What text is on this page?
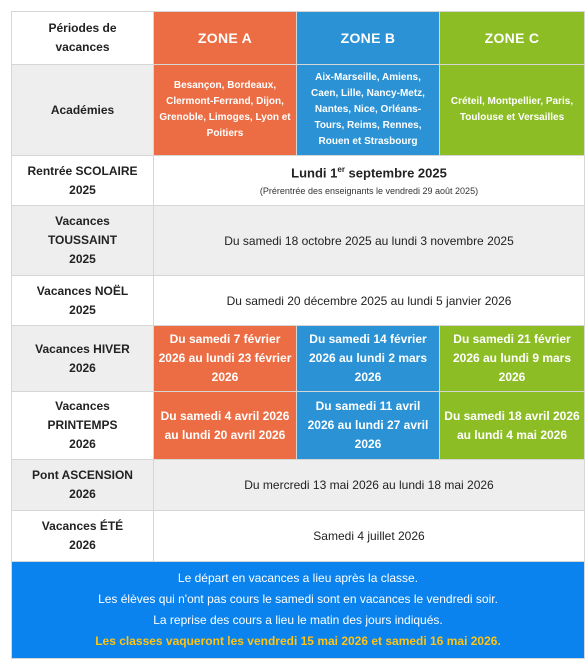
Périodes de vacances	ZONE A	ZONE B	ZONE C
Académies	Besançon, Bordeaux, Clermont-Ferrand, Dijon, Grenoble, Limoges, Lyon et Poitiers	Aix-Marseille, Amiens, Caen, Lille, Nancy-Metz, Nantes, Nice, Orléans-Tours, Reims, Rennes, Rouen et Strasbourg	Créteil, Montpellier, Paris, Toulouse et Versailles
Rentrée SCOLAIRE 2025	Lundi 1er septembre 2025
(Prérentrée des enseignants le vendredi 29 août 2025)		

Vacances TOUSSAINT 2025	Du samedi 18 octobre 2025 au lundi 3 novembre 2025		
Vacances NOËL 2025	Du samedi 20 décembre 2025 au lundi 5 janvier 2026		
Vacances HIVER 2026	Du samedi 7 février 2026 au lundi 23 février 2026	Du samedi 14 février 2026 au lundi 2 mars 2026	Du samedi 21 février 2026 au lundi 9 mars 2026
Vacances PRINTEMPS 2026	Du samedi 4 avril 2026 au lundi 20 avril 2026	Du samedi 11 avril 2026 au lundi 27 avril 2026	Du samedi 18 avril 2026 au lundi 4 mai 2026
Pont ASCENSION 2026	Du mercredi 13 mai 2026 au lundi 18 mai 2026		
Vacances ÉTÉ 2026	Samedi 4 juillet 2026		

Le départ en vacances a lieu après la classe.
Les élèves qui n'ont pas cours le samedi sont en vacances le vendredi soir.
La reprise des cours a lieu le matin des jours indiqués.
Les classes vaqueront les vendredi 15 mai 2026 et samedi 16 mai 2026.			
